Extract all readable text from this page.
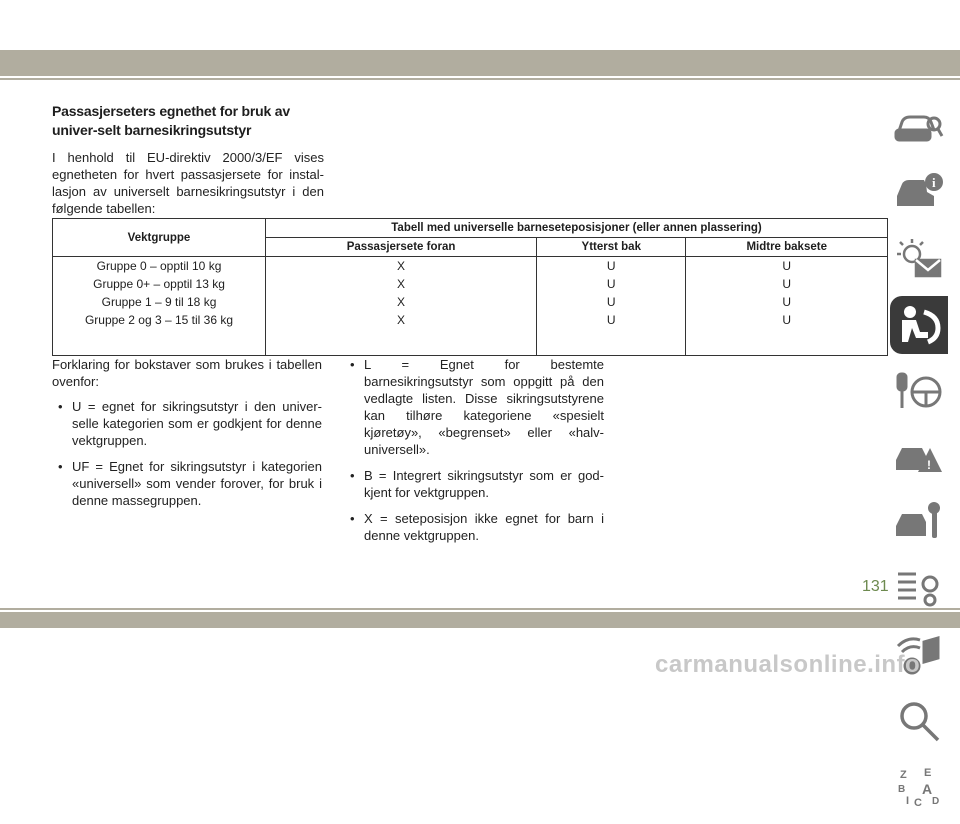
Passasjerseters egnethet for bruk av univer-selt barnesikringsutstyr
I henhold til EU-direktiv 2000/3/EF vises egnetheten for hvert passasjersete for instal-lasjon av universelt barnesikringsutstyr i den følgende tabellen:
Vektgruppe	Tabell med universelle barneseteposisjoner (eller annen plassering)		
	Passasjersete foran	Ytterst bak	Midtre baksete
Gruppe 0 – opptil 10 kg	X	U	U
Gruppe 0+ – opptil 13 kg	X	U	U
Gruppe 1 – 9 til 18 kg	X	U	U
Gruppe 2 og 3 – 15 til 36 kg	X	U	U

Forklaring for bokstaver som brukes i tabellen ovenfor:

• U = egnet for sikringsutstyr i den univer-selle kategorien som er godkjent for denne vektgruppen.
• UF = Egnet for sikringsutstyr i kategorien «universell» som vender forover, for bruk i denne massegruppen.
• L = Egnet for bestemte barnesikringsutstyr som oppgitt på den vedlagte listen. Disse sikringsutstyrene kan tilhøre kategoriene «spesielt kjøretøy», «begrenset» eller «halv-universell».
• B = Integrert sikringsutstyr som er god-kjent for vektgruppen.
• X = seteposisjon ikke egnet for barn i denne vektgruppen.
i
!
Z E
B A
I C D
131
carmanualsonline.info
